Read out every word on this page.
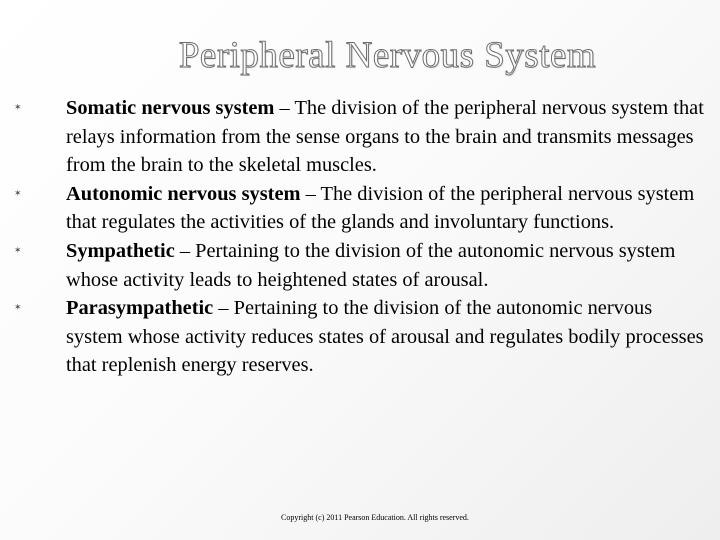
Peripheral Nervous System
✶	Somatic nervous system – The division of the peripheral nervous system that relays information from the sense organs to the brain and transmits messages from the brain to the skeletal muscles.
✶	Autonomic nervous system – The division of the peripheral nervous system that regulates the activities of the glands and involuntary functions.
✶	Sympathetic – Pertaining to the division of the autonomic nervous system whose activity leads to heightened states of arousal.
✶	Parasympathetic – Pertaining to the division of the autonomic nervous system whose activity reduces states of arousal and regulates bodily processes that replenish energy reserves.
Copyright (c) 2011 Pearson Education. All rights reserved.
